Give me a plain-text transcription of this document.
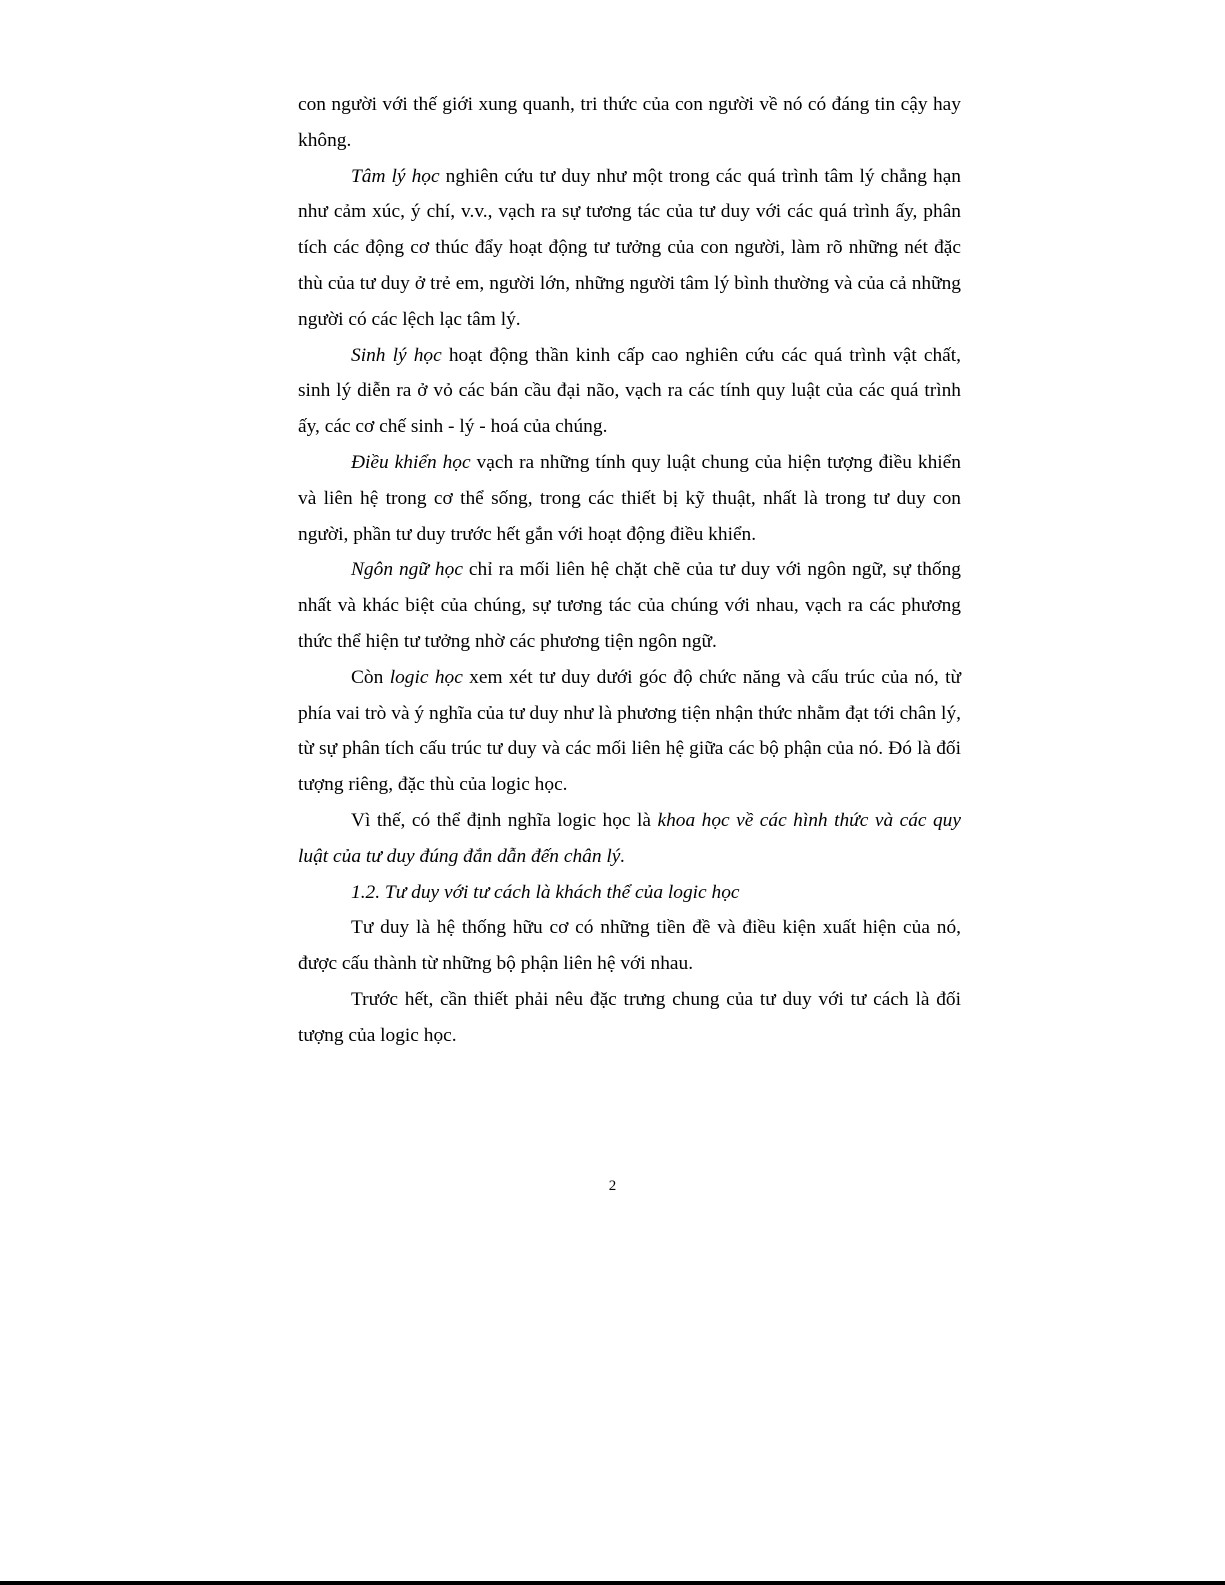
con người với thế giới xung quanh, tri thức của con người về nó có đáng tin cậy hay không.

Tâm lý học nghiên cứu tư duy như một trong các quá trình tâm lý chẳng hạn như cảm xúc, ý chí, v.v., vạch ra sự tương tác của tư duy với các quá trình ấy, phân tích các động cơ thúc đẩy hoạt động tư tưởng của con người, làm rõ những nét đặc thù của tư duy ở trẻ em, người lớn, những người tâm lý bình thường và của cả những người có các lệch lạc tâm lý.

Sinh lý học hoạt động thần kinh cấp cao nghiên cứu các quá trình vật chất, sinh lý diễn ra ở vỏ các bán cầu đại não, vạch ra các tính quy luật của các quá trình ấy, các cơ chế sinh - lý - hoá của chúng.

Điều khiển học vạch ra những tính quy luật chung của hiện tượng điều khiển và liên hệ trong cơ thể sống, trong các thiết bị kỹ thuật, nhất là trong tư duy con người, phần tư duy trước hết gắn với hoạt động điều khiển.

Ngôn ngữ học chỉ ra mối liên hệ chặt chẽ của tư duy với ngôn ngữ, sự thống nhất và khác biệt của chúng, sự tương tác của chúng với nhau, vạch ra các phương thức thể hiện tư tưởng nhờ các phương tiện ngôn ngữ.

Còn logic học xem xét tư duy dưới góc độ chức năng và cấu trúc của nó, từ phía vai trò và ý nghĩa của tư duy như là phương tiện nhận thức nhằm đạt tới chân lý, từ sự phân tích cấu trúc tư duy và các mối liên hệ giữa các bộ phận của nó. Đó là đối tượng riêng, đặc thù của logic học.

Vì thế, có thể định nghĩa logic học là khoa học về các hình thức và các quy luật của tư duy đúng đắn dẫn đến chân lý.

1.2. Tư duy với tư cách là khách thể của logic học

Tư duy là hệ thống hữu cơ có những tiền đề và điều kiện xuất hiện của nó, được cấu thành từ những bộ phận liên hệ với nhau.

Trước hết, cần thiết phải nêu đặc trưng chung của tư duy với tư cách là đối tượng của logic học.

2
